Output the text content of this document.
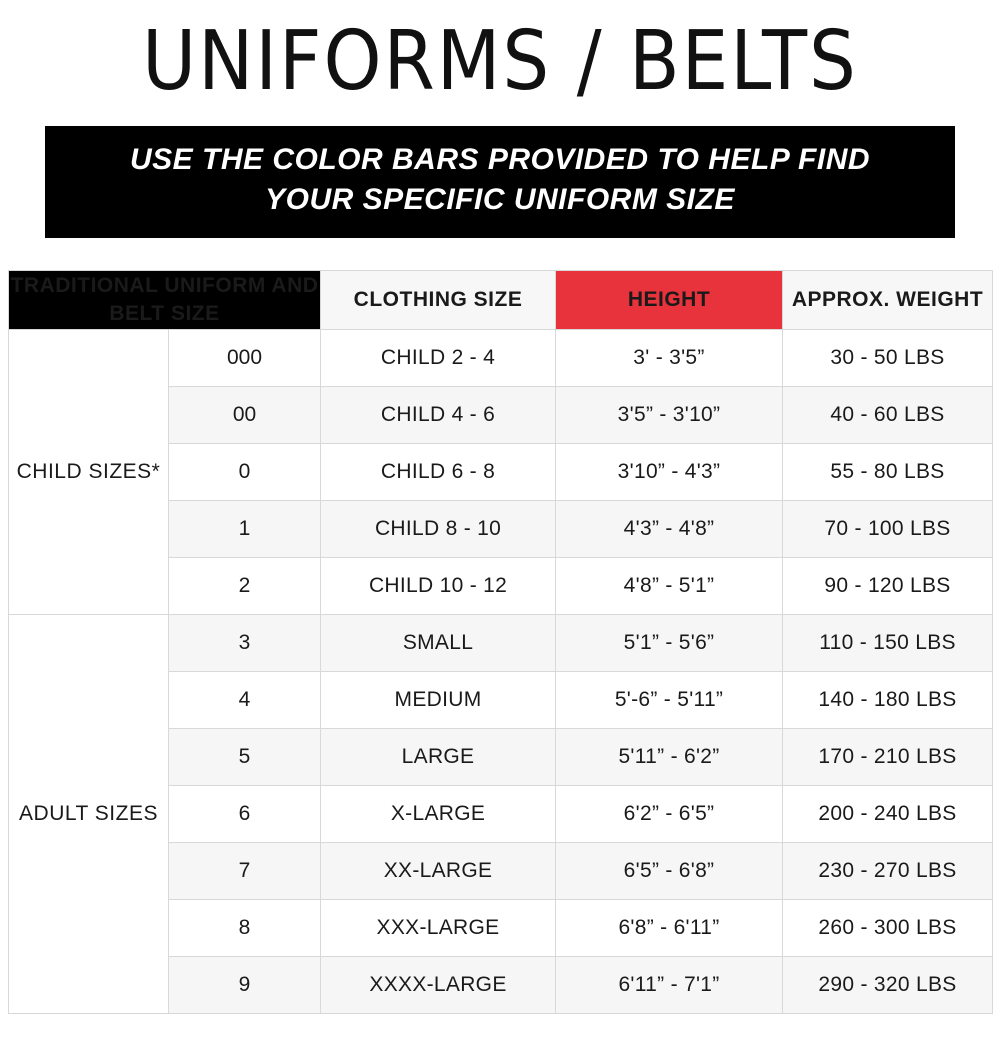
UNIFORMS / BELTS
USE THE COLOR BARS PROVIDED TO HELP FIND
YOUR SPECIFIC UNIFORM SIZE
TRADITIONAL UNIFORM AND BELT SIZE		CLOTHING SIZE	HEIGHT	APPROX. WEIGHT
CHILD SIZES*	000	CHILD 2 - 4	3' - 3'5”	30 - 50 LBS
	00	CHILD 4 - 6	3'5” - 3'10”	40 - 60 LBS
	0	CHILD 6 - 8	3'10” - 4'3”	55 - 80 LBS
	1	CHILD 8 - 10	4'3” - 4'8”	70 - 100 LBS
	2	CHILD 10 - 12	4'8” - 5'1”	90 - 120 LBS
ADULT SIZES	3	SMALL	5'1” - 5'6”	110 - 150 LBS
	4	MEDIUM	5'-6” - 5'11”	140 - 180 LBS
	5	LARGE	5'11” - 6'2”	170 - 210 LBS
	6	X-LARGE	6'2” - 6'5”	200 - 240 LBS
	7	XX-LARGE	6'5” - 6'8”	230 - 270 LBS
	8	XXX-LARGE	6'8” - 6'11”	260 - 300 LBS
	9	XXXX-LARGE	6'11” - 7'1”	290 - 320 LBS
